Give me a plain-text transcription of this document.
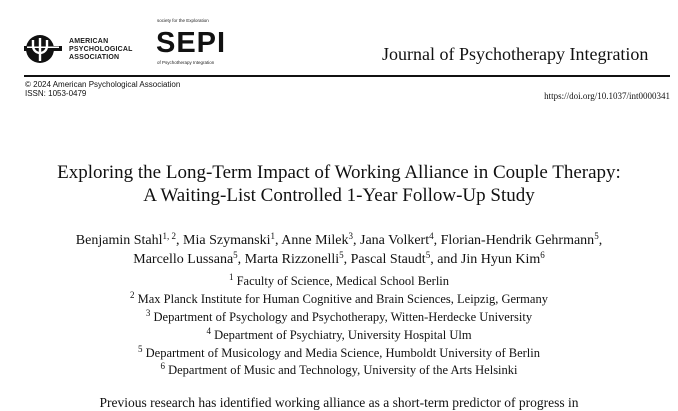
AMERICAN
PSYCHOLOGICAL
ASSOCIATION
society for the Exploration
SEPI
of Psychotherapy Integration	Journal of Psychotherapy Integration
© 2024 American Psychological Association
ISSN: 1053-0479	https://doi.org/10.1037/int0000341
Exploring the Long-Term Impact of Working Alliance in Couple Therapy:
A Waiting-List Controlled 1-Year Follow-Up Study
Benjamin Stahl$^{1, 2}$, Mia Szymanski$^1$, Anne Milek$^3$, Jana Volkert$^4$, Florian-Hendrik Gehrmann$^5$,
Marcello Lussana$^5$, Marta Rizzonelli$^5$, Pascal Staudt$^5$, and Jin Hyun Kim$^6$
$^1$ Faculty of Science, Medical School Berlin
$^2$ Max Planck Institute for Human Cognitive and Brain Sciences, Leipzig, Germany
$^3$ Department of Psychology and Psychotherapy, Witten-Herdecke University
$^4$ Department of Psychiatry, University Hospital Ulm
$^5$ Department of Musicology and Media Science, Humboldt University of Berlin
$^6$ Department of Music and Technology, University of the Arts Helsinki
Previous research has identified working alliance as a short-term predictor of progress in
